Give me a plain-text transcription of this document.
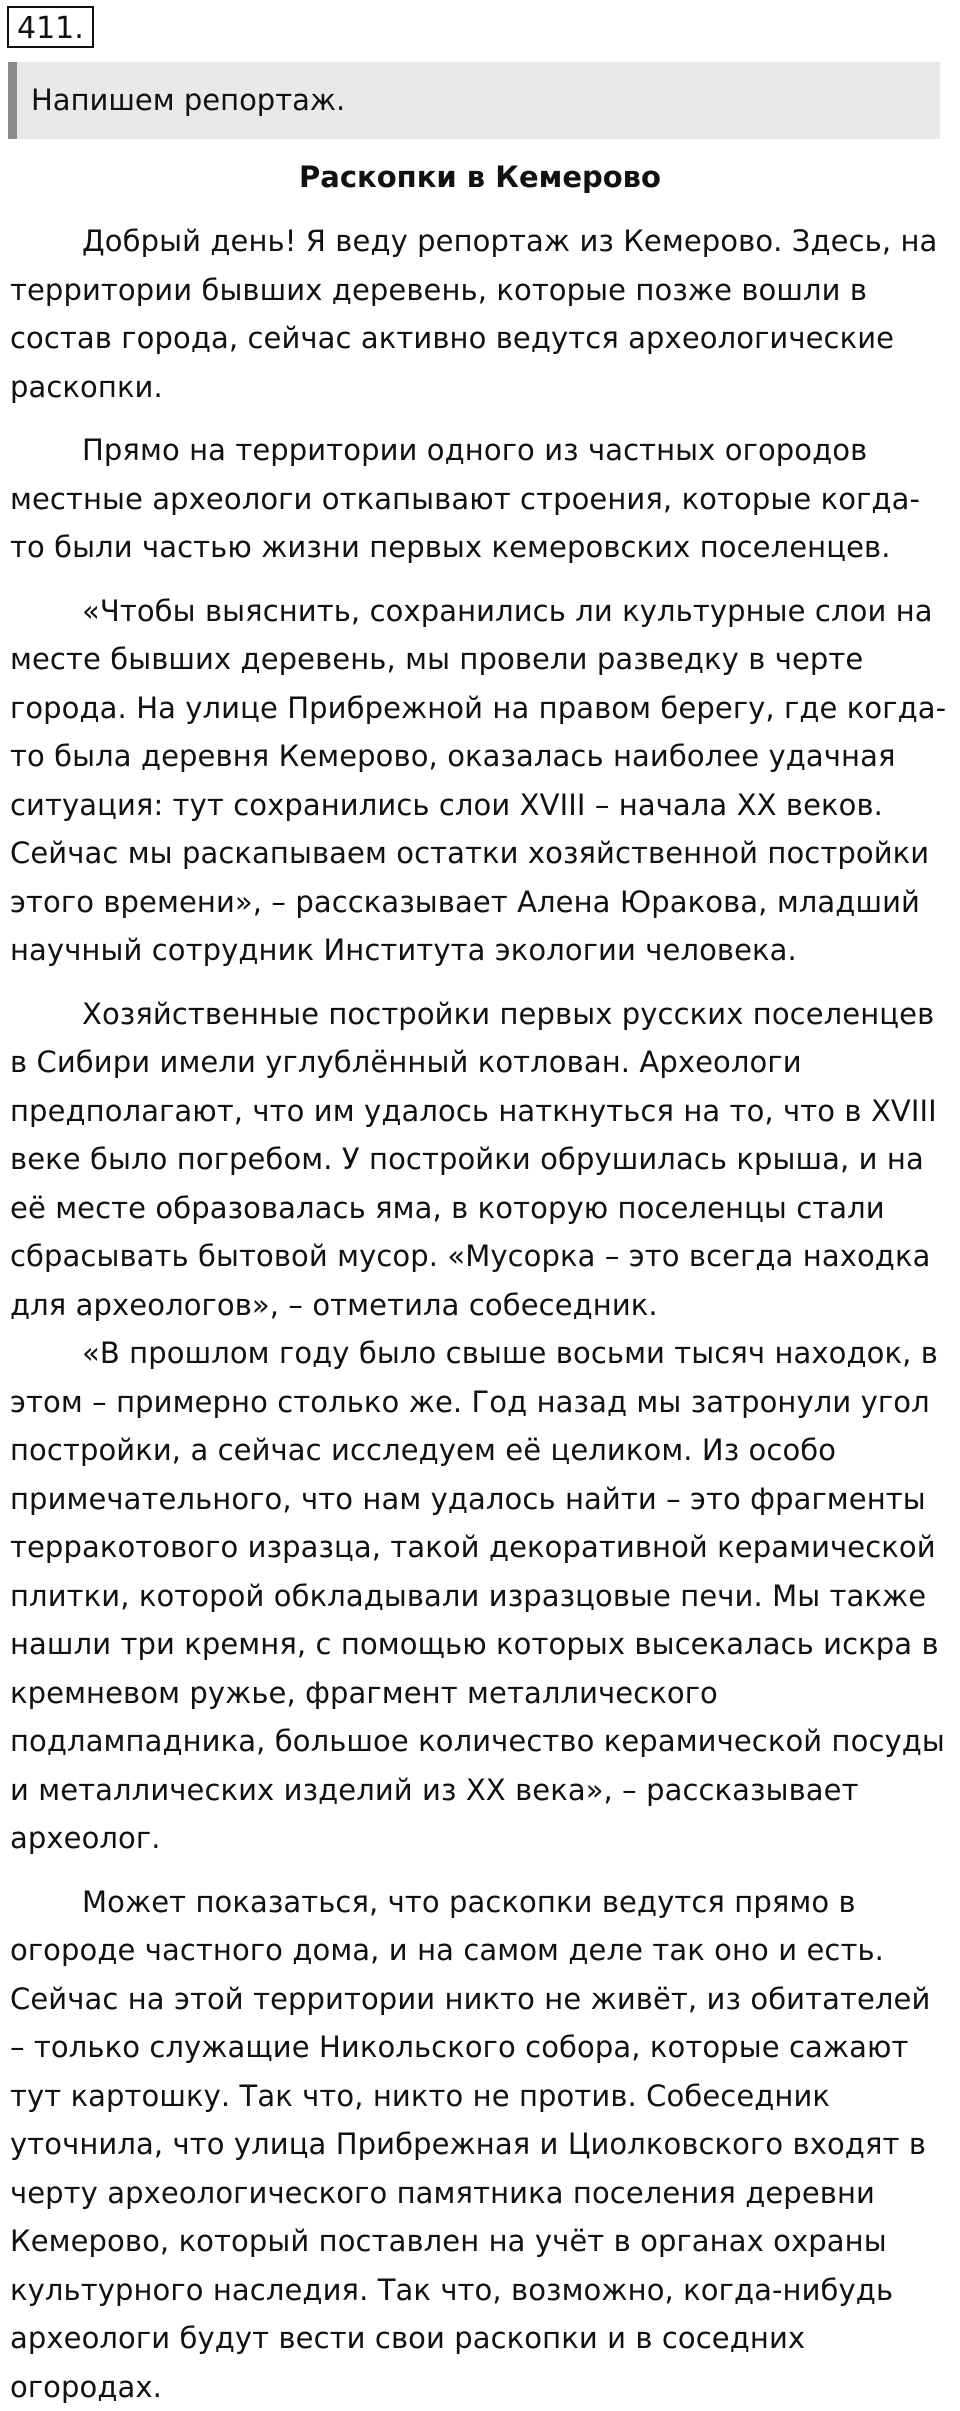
411.
Напишем репортаж.
Раскопки в Кемерово

Добрый день! Я веду репортаж из Кемерово. Здесь, на территории бывших деревень, которые позже вошли в состав города, сейчас активно ведутся археологические раскопки.

Прямо на территории одного из частных огородов местные археологи откапывают строения, которые когда-то были частью жизни первых кемеровских поселенцев.

«Чтобы выяснить, сохранились ли культурные слои на месте бывших деревень, мы провели разведку в черте города. На улице Прибрежной на правом берегу, где когда-то была деревня Кемерово, оказалась наиболее удачная ситуация: тут сохранились слои XVIII – начала XX веков. Сейчас мы раскапываем остатки хозяйственной постройки этого времени», – рассказывает Алена Юракова, младший научный сотрудник Института экологии человека.

Хозяйственные постройки первых русских поселенцев в Сибири имели углублённый котлован. Археологи предполагают, что им удалось наткнуться на то, что в XVIII веке было погребом. У постройки обрушилась крыша, и на её месте образовалась яма, в которую поселенцы стали сбрасывать бытовой мусор. «Мусорка – это всегда находка для археологов», – отметила собеседник.

«В прошлом году было свыше восьми тысяч находок, в этом – примерно столько же. Год назад мы затронули угол постройки, а сейчас исследуем её целиком. Из особо примечательного, что нам удалось найти – это фрагменты терракотового изразца, такой декоративной керамической плитки, которой обкладывали изразцовые печи. Мы также нашли три кремня, с помощью которых высекалась искра в кремневом ружье, фрагмент металлического подлампадника, большое количество керамической посуды и металлических изделий из XX века», – рассказывает археолог.

Может показаться, что раскопки ведутся прямо в огороде частного дома, и на самом деле так оно и есть. Сейчас на этой территории никто не живёт, из обитателей – только служащие Никольского собора, которые сажают тут картошку. Так что, никто не против. Собеседник уточнила, что улица Прибрежная и Циолковского входят в черту археологического памятника поселения деревни Кемерово, который поставлен на учёт в органах охраны культурного наследия. Так что, возможно, когда-нибудь археологи будут вести свои раскопки и в соседних огородах.
